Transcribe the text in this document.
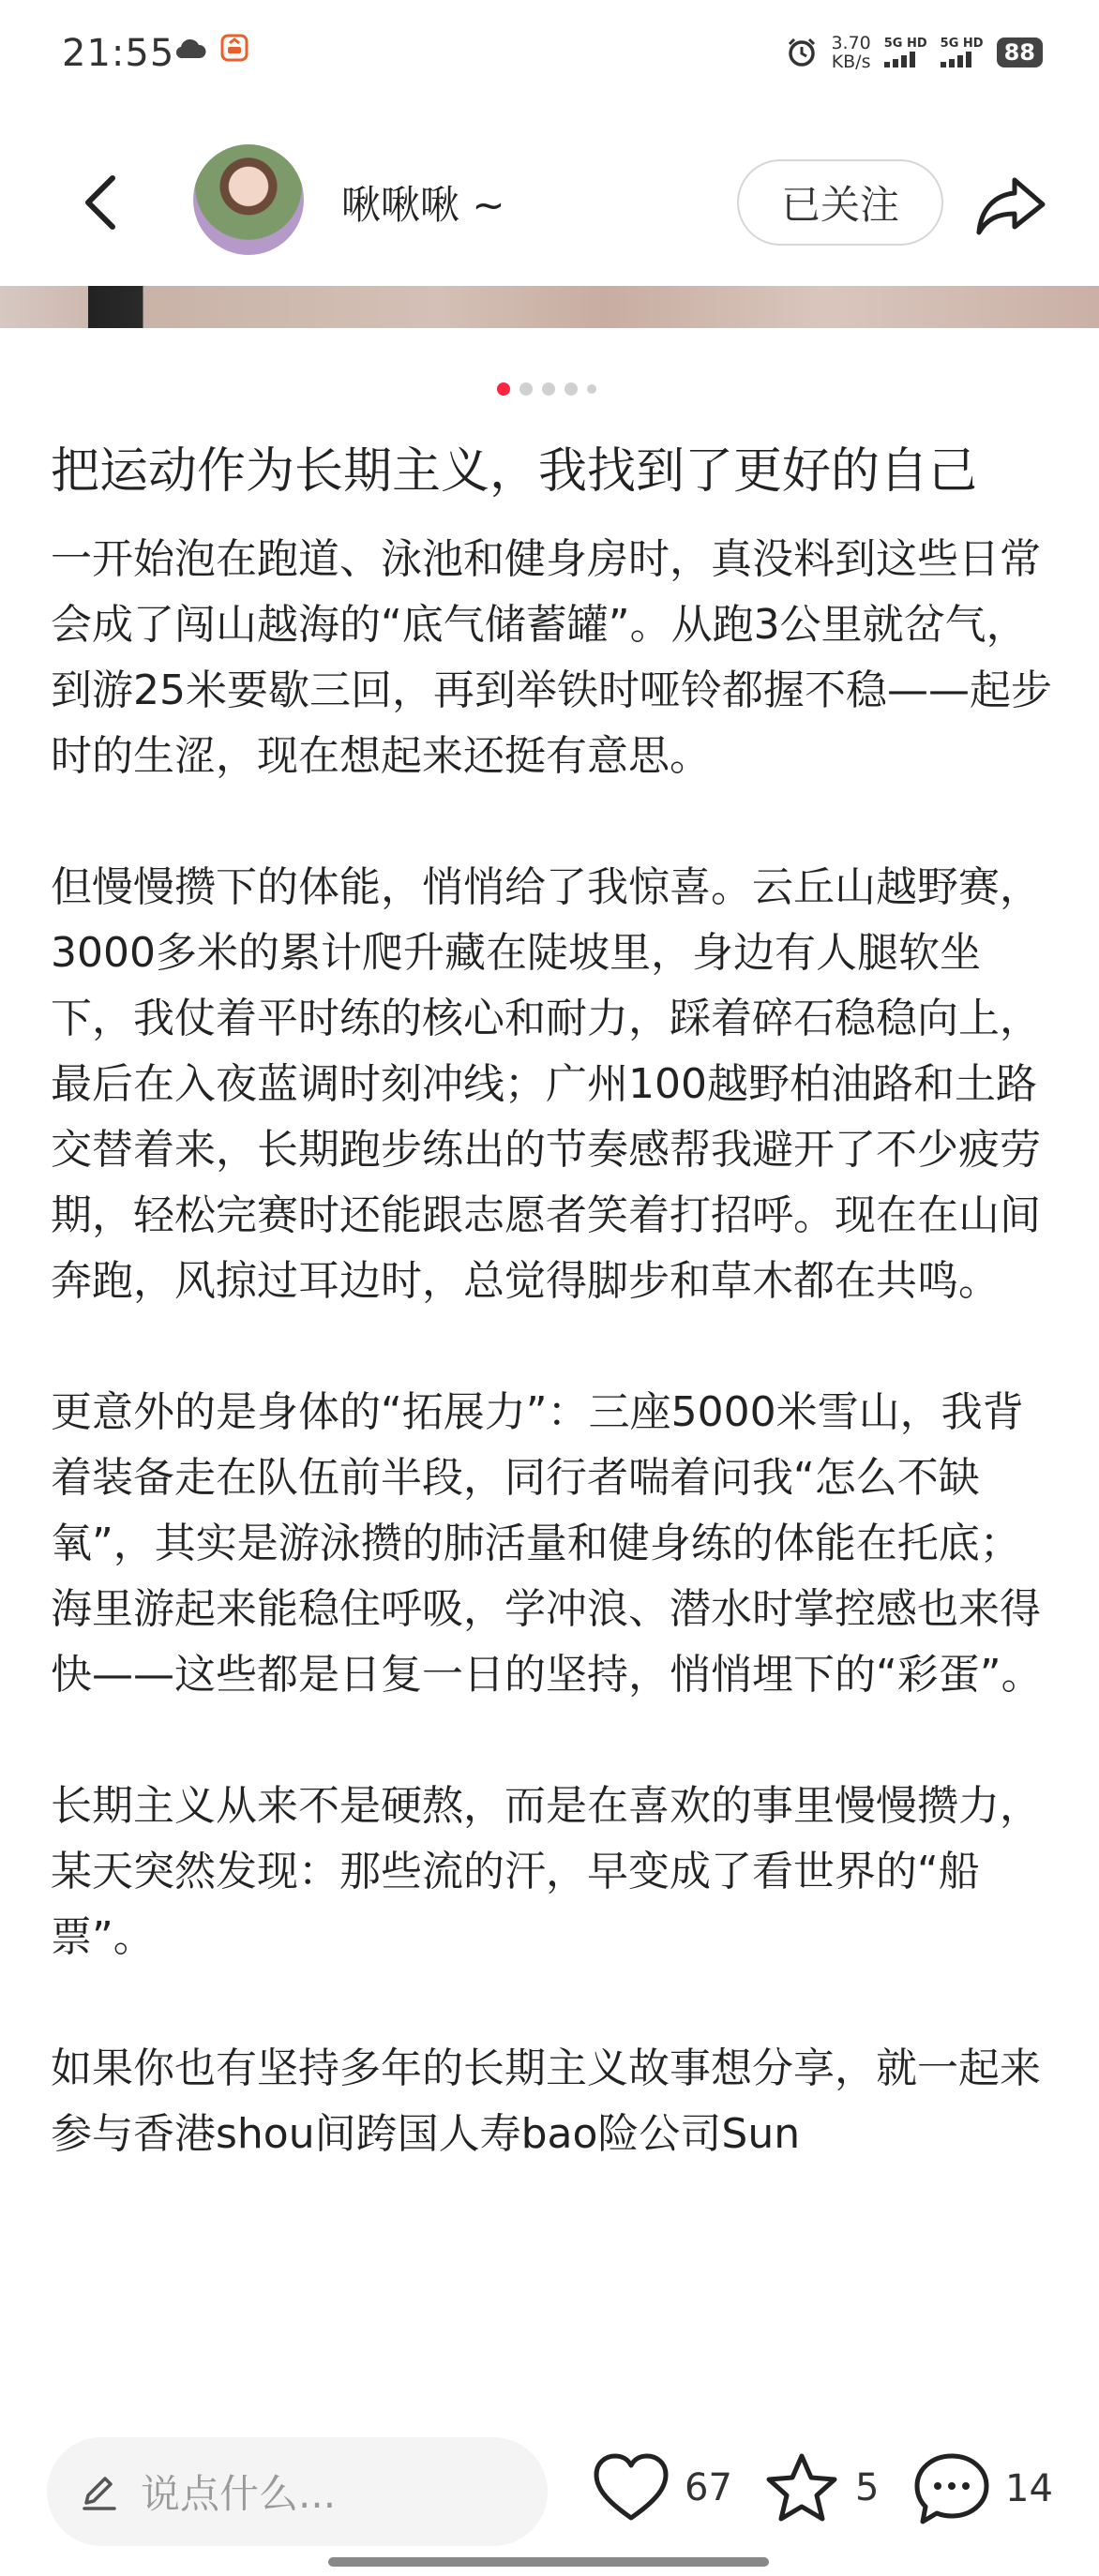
21:55	3.70
KB/s
5G HD 5G HD 88
啾啾啾 ~	已关注
把运动作为长期主义，我找到了更好的自己

一开始泡在跑道、泳池和健身房时，真没料到这些日常会成了闯山越海的“底气储蓄罐”。从跑3公里就岔气，到游25米要歇三回，再到举铁时哑铃都握不稳——起步时的生涩，现在想起来还挺有意思。

但慢慢攒下的体能，悄悄给了我惊喜。云丘山越野赛，3000多米的累计爬升藏在陡坡里，身边有人腿软坐下，我仗着平时练的核心和耐力，踩着碎石稳稳向上，最后在入夜蓝调时刻冲线；广州100越野柏油路和土路交替着来，长期跑步练出的节奏感帮我避开了不少疲劳期，轻松完赛时还能跟志愿者笑着打招呼。现在在山间奔跑，风掠过耳边时，总觉得脚步和草木都在共鸣。

更意外的是身体的“拓展力”：三座5000米雪山，我背着装备走在队伍前半段，同行者喘着问我“怎么不缺氧”，其实是游泳攒的肺活量和健身练的体能在托底；海里游起来能稳住呼吸，学冲浪、潜水时掌控感也来得快——这些都是日复一日的坚持，悄悄埋下的“彩蛋”。

长期主义从来不是硬熬，而是在喜欢的事里慢慢攒力，某天突然发现：那些流的汗，早变成了看世界的“船票”。

如果你也有坚持多年的长期主义故事想分享，就一起来参与香港shou间跨国人寿bao险公司Sun

说点什么...	67	5	14
